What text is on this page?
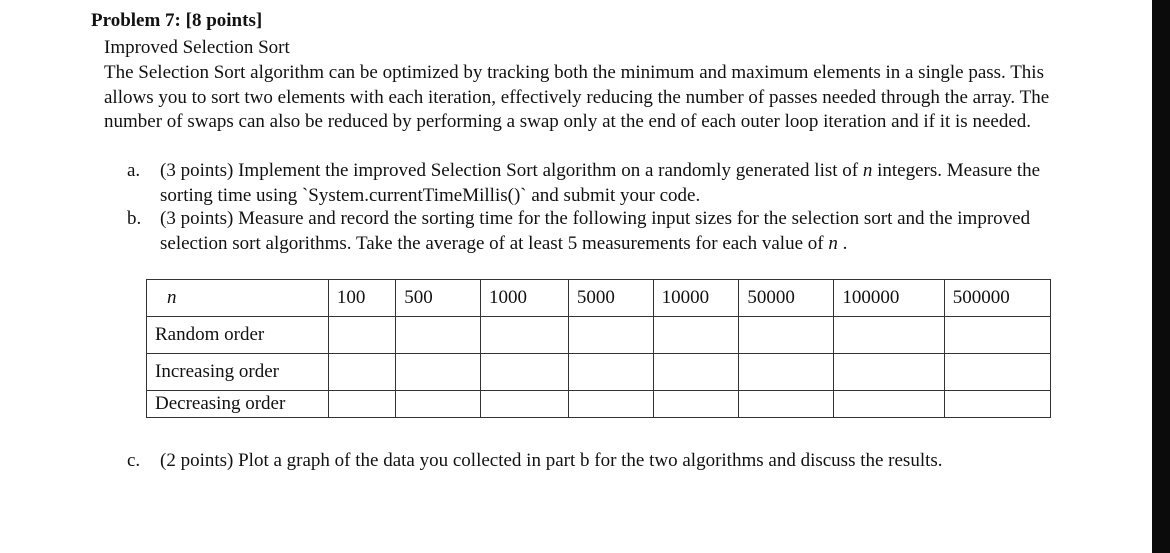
Problem 7: [8 points]
Improved Selection Sort
The Selection Sort algorithm can be optimized by tracking both the minimum and maximum elements in a single pass. This allows you to sort two elements with each iteration, effectively reducing the number of passes needed through the array. The number of swaps can also be reduced by performing a swap only at the end of each outer loop iteration and if it is needed.
a. (3 points) Implement the improved Selection Sort algorithm on a randomly generated list of n integers. Measure the sorting time using `System.currentTimeMillis()` and submit your code.
b. (3 points) Measure and record the sorting time for the following input sizes for the selection sort and the improved selection sort algorithms. Take the average of at least 5 measurements for each value of n .
n	100	500	1000	5000	10000	50000	100000	500000
Random order								
Increasing order								
Decreasing order								
c. (2 points) Plot a graph of the data you collected in part b for the two algorithms and discuss the results.
